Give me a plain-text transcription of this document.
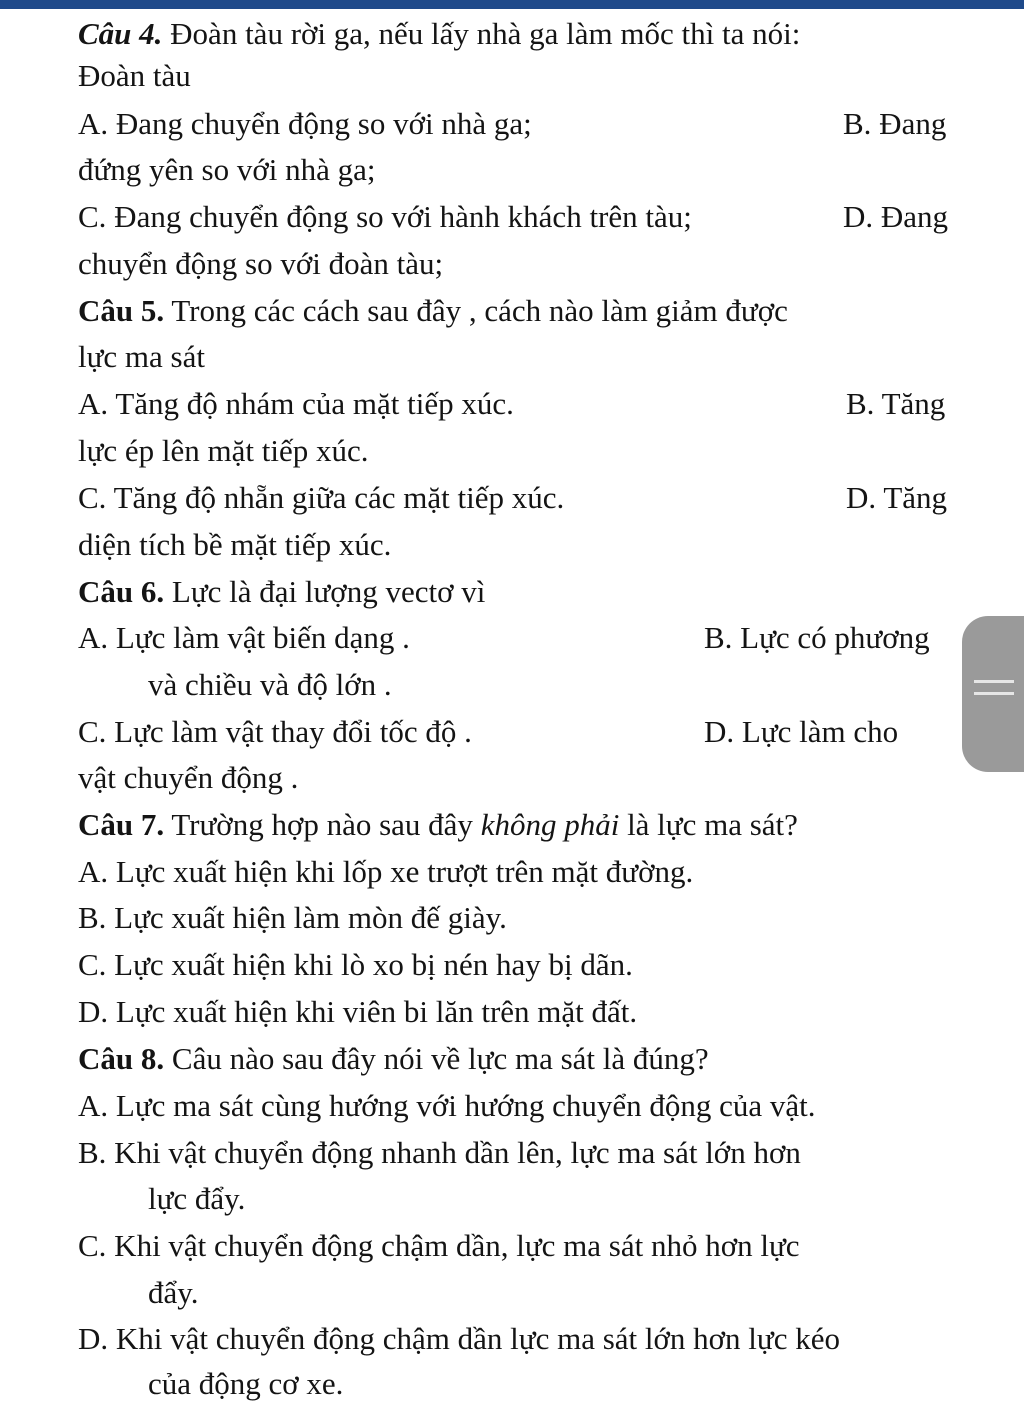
Câu 4. Đoàn tàu rời ga, nếu lấy nhà ga làm mốc thì ta nói:
Đoàn tàu
A. Đang chuyển động so với nhà ga;	B. Đang
đứng yên so với nhà ga;
C. Đang chuyển động so với hành khách trên tàu;	D. Đang
chuyển động so với đoàn tàu;
Câu 5. Trong các cách sau đây , cách nào làm giảm được
lực ma sát
A. Tăng độ nhám của mặt tiếp xúc.	B. Tăng
lực ép lên mặt tiếp xúc.
C. Tăng độ nhẵn giữa các mặt tiếp xúc.	D. Tăng
diện tích bề mặt tiếp xúc.
Câu 6. Lực là đại lượng vectơ vì
A. Lực làm vật biến dạng .	B. Lực có phương
và chiều và độ lớn .
C. Lực làm vật thay đổi tốc độ .	D. Lực làm cho
vật chuyển động .
Câu 7. Trường hợp nào sau đây không phải là lực ma sát?
A. Lực xuất hiện khi lốp xe trượt trên mặt đường.
B. Lực xuất hiện làm mòn đế giày.
C. Lực xuất hiện khi lò xo bị nén hay bị dãn.
D. Lực xuất hiện khi viên bi lăn trên mặt đất.
Câu 8. Câu nào sau đây nói về lực ma sát là đúng?
A. Lực ma sát cùng hướng với hướng chuyển động của vật.
B. Khi vật chuyển động nhanh dần lên, lực ma sát lớn hơn
lực đẩy.
C. Khi vật chuyển động chậm dần, lực ma sát nhỏ hơn lực
đẩy.
D. Khi vật chuyển động chậm dần lực ma sát lớn hơn lực kéo
của động cơ xe.
